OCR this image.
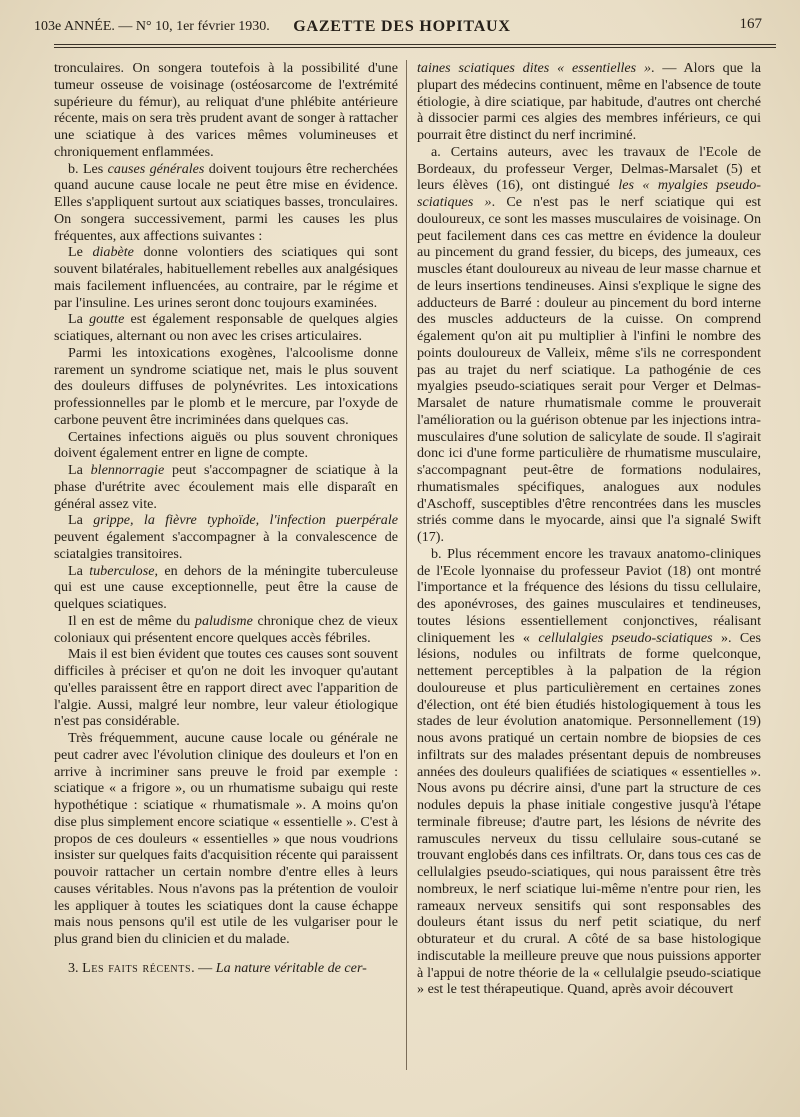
103e ANNÉE. — N° 10, 1er février 1930.	GAZETTE DES HOPITAUX	167

tronculaires. On songera toutefois à la possibilité d'une tumeur osseuse de voisinage (ostéosarcome de l'extrémité supérieure du fémur), au reliquat d'une phlébite antérieure récente, mais on sera très prudent avant de songer à rattacher une sciatique à des varices mêmes volumineuses et chroniquement enflammées.

b. Les causes générales doivent toujours être recherchées quand aucune cause locale ne peut être mise en évidence. Elles s'appliquent surtout aux sciatiques basses, tronculaires. On songera successivement, parmi les causes les plus fréquentes, aux affections suivantes :

Le diabète donne volontiers des sciatiques qui sont souvent bilatérales, habituellement rebelles aux analgésiques mais facilement influencées, au contraire, par le régime et par l'insuline. Les urines seront donc toujours examinées.

La goutte est également responsable de quelques algies sciatiques, alternant ou non avec les crises articulaires.

Parmi les intoxications exogènes, l'alcoolisme donne rarement un syndrome sciatique net, mais le plus souvent des douleurs diffuses de polynévrites. Les intoxications professionnelles par le plomb et le mercure, par l'oxyde de carbone peuvent être incriminées dans quelques cas.

Certaines infections aiguës ou plus souvent chroniques doivent également entrer en ligne de compte.

La blennorragie peut s'accompagner de sciatique à la phase d'urétrite avec écoulement mais elle disparaît en général assez vite.

La grippe, la fièvre typhoïde, l'infection puerpérale peuvent également s'accompagner à la convalescence de sciatalgies transitoires.

La tuberculose, en dehors de la méningite tuberculeuse qui est une cause exceptionnelle, peut être la cause de quelques sciatiques.

Il en est de même du paludisme chronique chez de vieux coloniaux qui présentent encore quelques accès fébriles.

Mais il est bien évident que toutes ces causes sont souvent difficiles à préciser et qu'on ne doit les invoquer qu'autant qu'elles paraissent être en rapport direct avec l'apparition de l'algie. Aussi, malgré leur nombre, leur valeur étiologique n'est pas considérable.

Très fréquemment, aucune cause locale ou générale ne peut cadrer avec l'évolution clinique des douleurs et l'on en arrive à incriminer sans preuve le froid par exemple : sciatique « a frigore », ou un rhumatisme subaigu qui reste hypothétique : sciatique « rhumatismale ». A moins qu'on dise plus simplement encore sciatique « essentielle ». C'est à propos de ces douleurs « essentielles » que nous voudrions insister sur quelques faits d'acquisition récente qui paraissent pouvoir rattacher un certain nombre d'entre elles à leurs causes véritables. Nous n'avons pas la prétention de vouloir les appliquer à toutes les sciatiques dont la cause échappe mais nous pensons qu'il est utile de les vulgariser pour le plus grand bien du clinicien et du malade.

3. Les faits récents. — La nature véritable de cer-

taines sciatiques dites « essentielles ». — Alors que la plupart des médecins continuent, même en l'absence de toute étiologie, à dire sciatique, par habitude, d'autres ont cherché à dissocier parmi ces algies des membres inférieurs, ce qui pourrait être distinct du nerf incriminé.

a. Certains auteurs, avec les travaux de l'Ecole de Bordeaux, du professeur Verger, Delmas-Marsalet (5) et leurs élèves (16), ont distingué les « myalgies pseudo-sciatiques ». Ce n'est pas le nerf sciatique qui est douloureux, ce sont les masses musculaires de voisinage. On peut facilement dans ces cas mettre en évidence la douleur au pincement du grand fessier, du biceps, des jumeaux, ces muscles étant douloureux au niveau de leur masse charnue et de leurs insertions tendineuses. Ainsi s'explique le signe des adducteurs de Barré : douleur au pincement du bord interne des muscles adducteurs de la cuisse. On comprend également qu'on ait pu multiplier à l'infini le nombre des points douloureux de Valleix, même s'ils ne correspondent pas au trajet du nerf sciatique. La pathogénie de ces myalgies pseudo-sciatiques serait pour Verger et Delmas-Marsalet de nature rhumatismale comme le prouverait l'amélioration ou la guérison obtenue par les injections intra-musculaires d'une solution de salicylate de soude. Il s'agirait donc ici d'une forme particulière de rhumatisme musculaire, s'accompagnant peut-être de formations nodulaires, rhumatismales spécifiques, analogues aux nodules d'Aschoff, susceptibles d'être rencontrées dans les muscles striés comme dans le myocarde, ainsi que l'a signalé Swift (17).

b. Plus récemment encore les travaux anatomo-cliniques de l'Ecole lyonnaise du professeur Paviot (18) ont montré l'importance et la fréquence des lésions du tissu cellulaire, des aponévroses, des gaines musculaires et tendineuses, toutes lésions essentiellement conjonctives, réalisant cliniquement les « cellulalgies pseudo-sciatiques ». Ces lésions, nodules ou infiltrats de forme quelconque, nettement perceptibles à la palpation de la région douloureuse et plus particulièrement en certaines zones d'élection, ont été bien étudiés histologiquement à tous les stades de leur évolution anatomique. Personnellement (19) nous avons pratiqué un certain nombre de biopsies de ces infiltrats sur des malades présentant depuis de nombreuses années des douleurs qualifiées de sciatiques « essentielles ». Nous avons pu décrire ainsi, d'une part la structure de ces nodules depuis la phase initiale congestive jusqu'à l'étape terminale fibreuse; d'autre part, les lésions de névrite des ramuscules nerveux du tissu cellulaire sous-cutané se trouvant englobés dans ces infiltrats. Or, dans tous ces cas de cellulalgies pseudo-sciatiques, qui nous paraissent être très nombreux, le nerf sciatique lui-même n'entre pour rien, les rameaux nerveux sensitifs qui sont responsables des douleurs étant issus du nerf petit sciatique, du nerf obturateur et du crural. A côté de sa base histologique indiscutable la meilleure preuve que nous puissions apporter à l'appui de notre théorie de la « cellulalgie pseudo-sciatique » est le test thérapeutique. Quand, après avoir découvert
